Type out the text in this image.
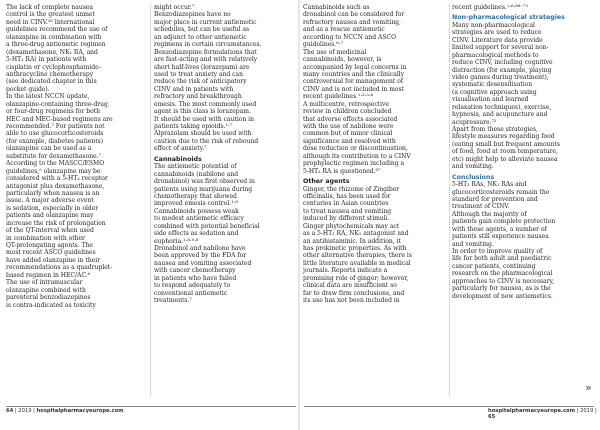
The lack of complete nausea
control is the greatest unmet
need in CINV.²⁶ International
guidelines recommend the use of
olanzapine in combination with
a three-drug antiemetic regimen
(dexamethasone, NK₁ RA, and
5-HT₃ RA) in patients with
cisplatin or cyclophosphamide–
anthracycline chemotherapy
(see dedicated chapter in this
pocket guide).
In the latest NCCN update,
olanzapine-containing three-drug
or four-drug regimens for both
HEC and MEC-based regimens are
recommended.⁷ For patients not
able to use glucocorticosteroids
(for example, diabetes patients)
olanzapine can be used as a
substitute for dexamethasone.⁷
According to the MASCC/ESMO
guidelines,⁵ olanzapine may be
considered with a 5-HT₃ receptor
antagonist plus dexamethasone,
particularly when nausea is an
issue. A major adverse event
is sedation, especially in older
patients and olanzapine may
increase the risk of prolongation
of the QT-interval when used
in combination with other
QT-prolongating agents. The
most recent ASCO guidelines
have added olanzapine in their
recommendations as a quadruplet-
based regimen in HEC/AC.⁶
The use of intramuscular
olanzapine combined with
parenteral benzodiazepines
is contra-indicated as toxicity
might occur.⁷
Benzodiazepines have no
major place in current antiemetic
schedules, but can be useful as
an adjunct to other antiemetic
regimens in certain circumstances.
Benzodiazepine formulations that
are fast-acting and with relatively
short half-lives (lorazepam) are
used to treat anxiety and can
reduce the risk of anticipatory
CINV and in patients with
refractory and breakthrough
emesis. The most commonly used
agent is this class is lorazepam.
It should be used with caution in
patients taking opioids.¹·⁷
Alprazolam should be used with
caution due to the risk of rebound
effect of anxiety.⁷
Cannabinoids
The antiemetic potential of
cannabinoids (nabilone and
dronabinol) was first observed in
patients using marijuana during
chemotherapy that showed
improved emesis control.¹·⁸
Cannabinoids possess weak
to modest antiemetic efficacy
combined with potential beneficial
side effects as sedation and
euphoria.¹·⁸·⁹·⁸
Dronabinol and nabilone have
been approved by the FDA for
nausea and vomiting associated
with cancer chemotherapy
in patients who have failed
to respond adequately to
conventional antiemetic
treatments.⁷
Cannabinoids such as
dronabinol can be considered for
refractory nausea and vomiting,
and as a rescue antiemetic
according to NCCN and ASCO
guidelines.⁶·⁷
The use of medicinal
cannabinoids, however, is
accompanied by legal concerns in
many countries and the clinically
controversial for management of
CINV and is not included in most
recent guidelines.¹·²·⁵·⁶
A multicentre, retrospective
review in children concluded
that adverse effects associated
with the use of nabilone were
common but of minor clinical
significance and resolved with
dose reduction or discontinuation,
although its contribution to a CINV
prophylactic regimen including a
5-HT₃ RA is questioned.⁶⁷
Other agents
Ginger, the rhizome of Zingiber
officinalis, has been used for
centuries in Asian countries
to treat nausea and vomiting
induced by different stimuli.
Ginger phytochemicals may act
as a 5-HT₃ RA, NK₁ antagonist and
an antihistaminic. In addition, it
has prokinetic properties. As with
other alternative therapies, there is
little literature available in medical
journals. Reports indicate a
promising role of ginger; however,
clinical data are insufficient so
far to draw firm conclusions, and
its use has not been included in
recent guidelines.¹·⁶·⁶⁸⁻⁷¹
Non-pharmacological strategies
Many non-pharmacological
strategies are used to reduce
CINV. Literature data provide
limited support for several non-
pharmacological methods to
reduce CINV, including cognitive
distraction (for example, playing
video games during treatment),
systematic desensitisation
(a cognitive approach using
visualisation and learned
relaxation techniques), exercise,
hypnosis, and acupuncture and
acupressure.⁷²
Apart from these strategies,
lifestyle measures regarding food
(eating small but frequent amounts
of food, food at room temperature,
etc) might help to alleviate nausea
and vomiting.
Conclusions
5-HT₃ RAs, NK₁ RAs and
glucocorticosteroids remain the
standard for prevention and
treatment of CINV.
Although the majority of
patients gain complete protection
with these agents, a number of
patients still experience nausea
and vomiting.
In order to improve quality of
life for both adult and paediatric
cancer patients, continuing
research on the pharmacological
approaches to CINV is necessary,
particularly for nausea, as is the
development of new antiemetics.
»
64 | 2019 | hospitalpharmacyeurope.com	hospitalpharmacyeurope.com | 2019 | 65
